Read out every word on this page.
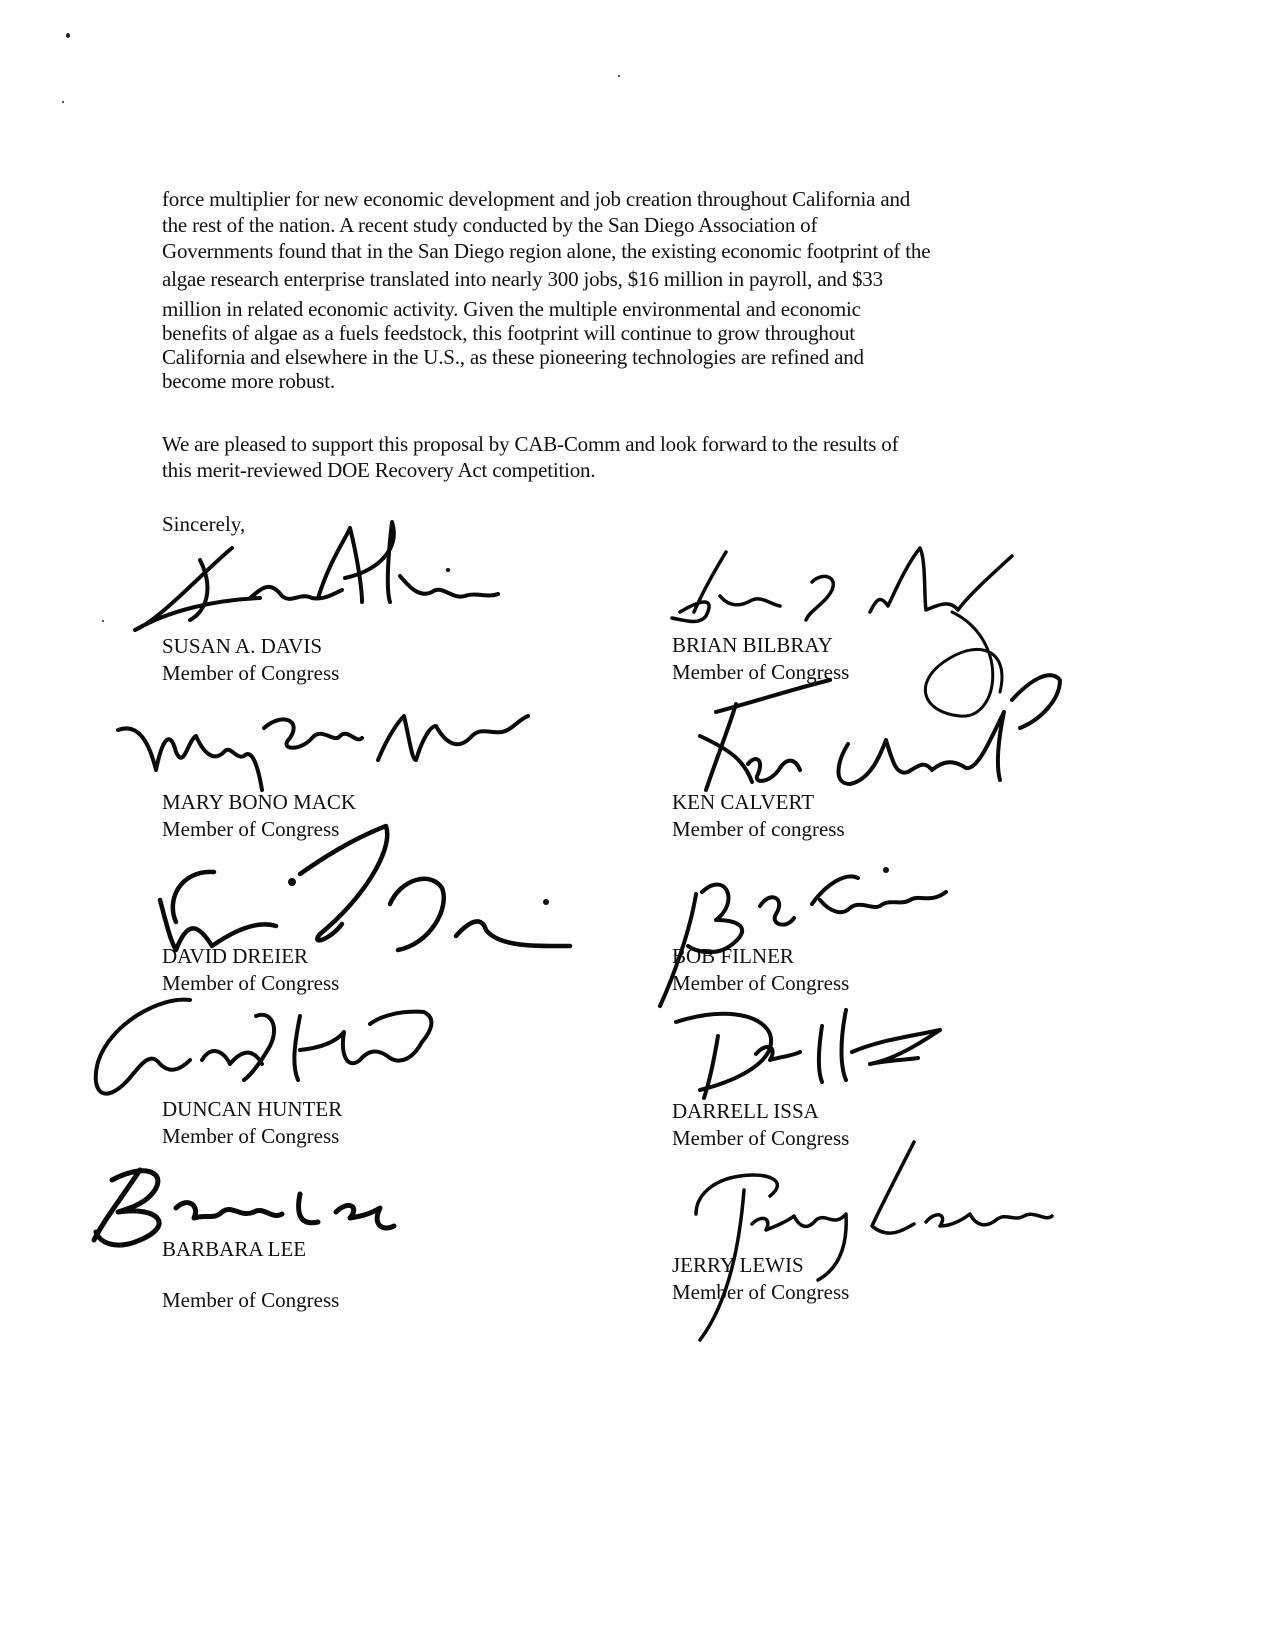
force multiplier for new economic development and job creation throughout California and
the rest of the nation. A recent study conducted by the San Diego Association of
Governments found that in the San Diego region alone, the existing economic footprint of the
algae research enterprise translated into nearly 300 jobs, $16 million in payroll, and $33
million in related economic activity. Given the multiple environmental and economic
benefits of algae as a fuels feedstock, this footprint will continue to grow throughout
California and elsewhere in the U.S., as these pioneering technologies are refined and
become more robust.
We are pleased to support this proposal by CAB-Comm and look forward to the results of
this merit-reviewed DOE Recovery Act competition.
Sincerely,
SUSAN A. DAVIS
Member of Congress
BRIAN BILBRAY
Member of Congress
MARY BONO MACK
Member of Congress
KEN CALVERT
Member of congress
DAVID DREIER
Member of Congress
BOB FILNER
Member of Congress
DUNCAN HUNTER
Member of Congress
DARRELL ISSA
Member of Congress
BARBARA LEE
Member of Congress
JERRY LEWIS
Member of Congress
